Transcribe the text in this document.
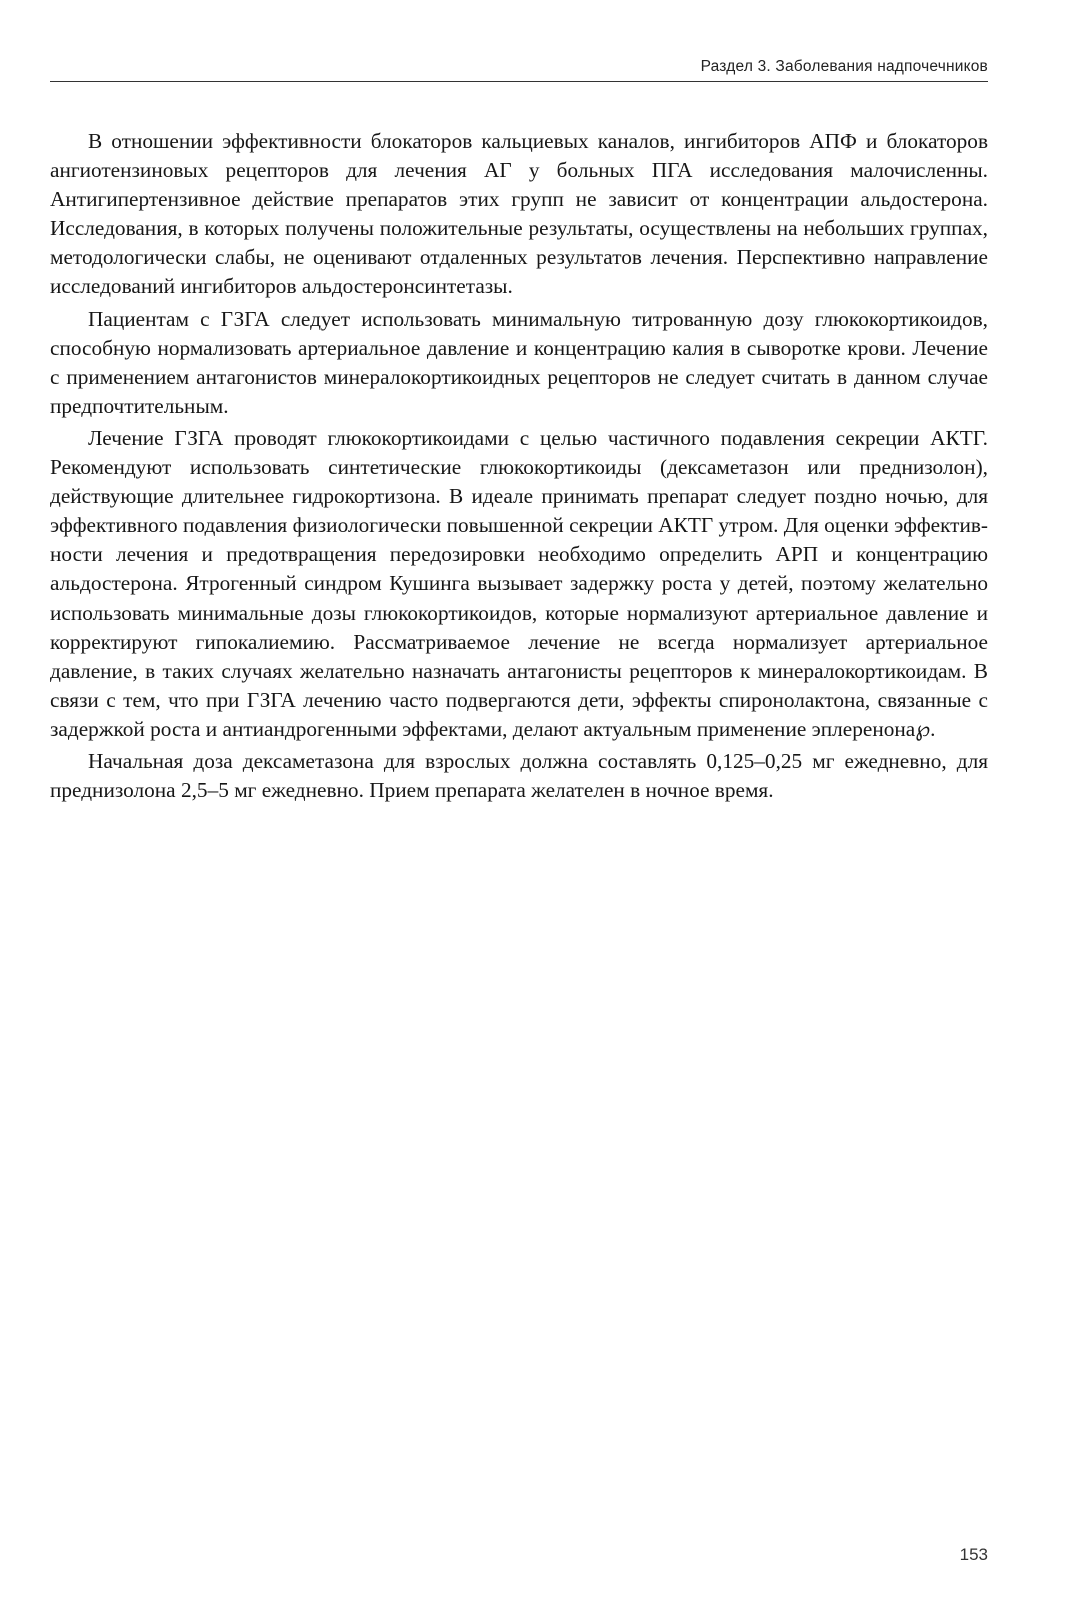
Раздел 3. Заболевания надпочечников

В отношении эффективности блокаторов кальциевых каналов, ингибиторов АПФ и блокаторов ангиотензиновых рецепторов для лечения АГ у больных ПГА исследования малочисленны. Антигипертензивное действие препаратов этих групп не зависит от концентрации альдостерона. Исследования, в которых получены положительные результаты, осуществлены на небольших группах, методологически слабы, не оценивают отдаленных результатов лечения. Перспективно направление исследований ингибиторов альдостеронсинтетазы.

Пациентам с ГЗГА следует использовать минимальную титрованную дозу глюкокортикоидов, способную нормализовать артериальное давление и концентрацию калия в сыворотке крови. Лечение с применением антагонистов минералокортикоидных рецепторов не следует считать в данном случае предпочтительным.

Лечение ГЗГА проводят глюкокортикоидами с целью частичного подавления секреции АКТГ. Рекомендуют использовать синтетические глюкокортикоиды (дексаметазон или преднизолон), действующие длительнее гидрокортизона. В идеале принимать препарат следует поздно ночью, для эффективного подавления физиологически повышенной секреции АКТГ утром. Для оценки эффективности лечения и предотвращения передозировки необходимо определить АРП и концентрацию альдостерона. Ятрогенный синдром Кушинга вызывает задержку роста у детей, поэтому желательно использовать минимальные дозы глюкокортикоидов, которые нормализуют артериальное давление и корректируют гипокалиемию. Рассматриваемое лечение не всегда нормализует артериальное давление, в таких случаях желательно назначать антагонисты рецепторов к минералокортикоидам. В связи с тем, что при ГЗГА лечению часто подвергаются дети, эффекты спиронолактона, связанные с задержкой роста и антиандрогенными эффектами, делают актуальным применение эплеренона℘.

Начальная доза дексаметазона для взрослых должна составлять 0,125–0,25 мг ежедневно, для преднизолона 2,5–5 мг ежедневно. Прием препарата желателен в ночное время.

153
